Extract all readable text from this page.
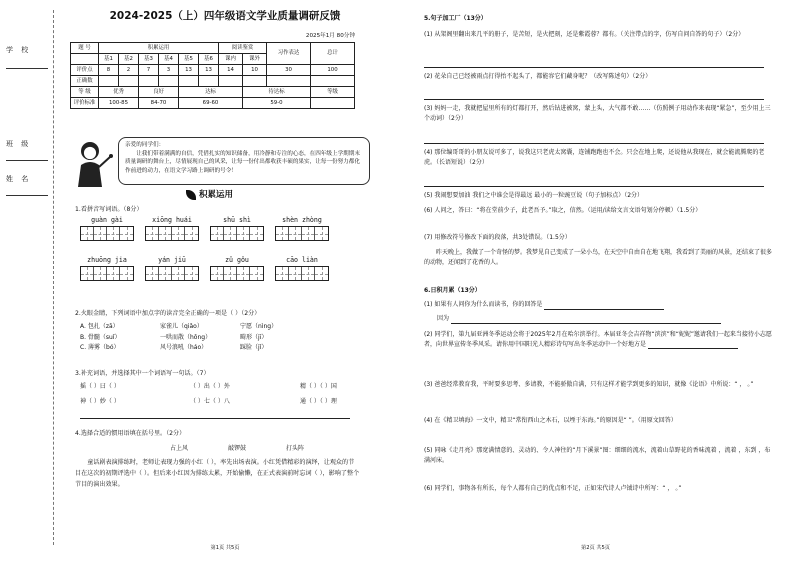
学 校
班 级
姓 名
2024-2025（上）四年级语文学业质量调研反馈
2025年1月 80分钟
题 号	积累运用						阅读鉴赏		习作表达	总计
	基1	基2	基3	基4	基5	基6	课内	课外		
评价点	8	2	7	3	13	13	14	10	30	100
正确数										
等 级	优秀		良好		达标			待达标		等级
评价标准	100-85		84-70		69-60			59-0		
亲爱的同学们：
让我们带着满满的自信，凭借扎实的知识储备，用冷静和专注的心态，在四年级上学期期末质量调研的舞台上，尽情展现自己的风采，让每一份付出都收获丰硕的果实，让每一份努力都化作前进的动力，在语文学习路上调研的号令！
积累运用
1.看拼音写词语。（8分）
guàn gài	xiōng huái	shū shì	shèn zhòng
zhuōng jia	yán jiū	zǔ gǒu	cāo liàn
2.火眼金睛，下列词语中加点字的读音完全正确的一项是（ ）（2分）
A. 包扎（zā）	家雀儿（qiǎo）	宁愿（nìng）
B. 骨髓（suǐ）	一哄而散（hōng）	畸形（jī）
C. 薄雾（bó）	风号浪吼（háo）	踩脸（jǐ）
3.补充词语，并选择其中一个词语写一句话。（7）
摇（ ）曰（ ）	（ ）出（ ）外	精（ ）（ ）国
神（ ）妙（ ）	（ ）七（ ）八	通（ ）（ ）理
4.选择合适的惯用语填在括号里。（2分）
占上风	敲锣鼓	打头阵
童话剧表演排练时，老师让表现力强的小红（ ），率先出场表演。小红凭借精彩的演绎，让观众的节目在这次的初期评选中（ ）。但后来小红因为排练太累，开始偷懒，在正式表演前时忘词（ ），影响了整个节目的演出效果。
第1页 共5页
5.句子加工厂（13分）
(1) 从架阁里翻出来几平的册子，是苦短，是火把刻，还是紫霞蓉？都有。（关注带点的字，仿写自问自答的句子）（2分）
(2) 花朵自己已经被雨点打得抬不起头了，都能容它们藏身呢？（改写陈述句）（2分）
(3) 妈妈一走，我就把屋里所有的灯都打开，然后钻进被窝，蒙上头，大气都不敢……（仿照例子用动作来表现“紧急”，至少用上三个动词）（2分）
(4) 那位编哥哥的小朋友说可多了，说我这只老虎太窝囊，连铺跑跑也不会。只会在地上爬，还说他从我现在，就会能流腾爬的老虎。（长语短说）（2分）
(5) 我闹想要加油 我们之中谁会是得最远 最小的一粒豌豆说（句子加标点）（2分）
(6) 人问之，答曰：“将在堂前少子，此老吾予。”取之，信然。（运用/读给文言文语句划分停顿）（1.5分）
(7) 用修改符号修改下面的段落，共3处错误。（1.5分）
昨天晚上，我做了一个奇怪的梦。我梦见自己变成了一朵小鸟，在天空中自由自在地飞翔，我看到了美丽的风景，还结束了很多的动物，还闻到了花香的人。
6.日积月累（13分）
(1) 如果有人问你为什么而读书，你的回答是
因为
(2) 同学们，第九届亚洲冬季运动会将于2025年2月在哈尔滨举行。本届亚冬会吉祥物“滨滨”和“妮妮”邀请我们一起来当接待小志愿者，向世界宣传冬季风采。请你用中国阳光人精彩诗句写出冬季运动中一个好地方是
(3) 爸爸经常教育我，平时要多思考、多请教，不能骄傲自满，只有这样才能学到更多的知识，就像《论语》中所说：“ ， 。”
(4) 在《精卫填海》一文中，精卫“常衔西山之木石，以堙于东海。”的原因是“ ”。（用原文回答）
(5) 同咏《走月亮》那宽满情意的、灵动的、令人神往的“月下溪景”图：细细的流水，流着山草野花的香味流着 ，流着 ，东到 ，布满河床。
(6) 同学们，事物各有所长，每个人都有自己的优点和不足，正如宋代诗人卢钺诗中所写：“ ， 。”
第2页 共5页
